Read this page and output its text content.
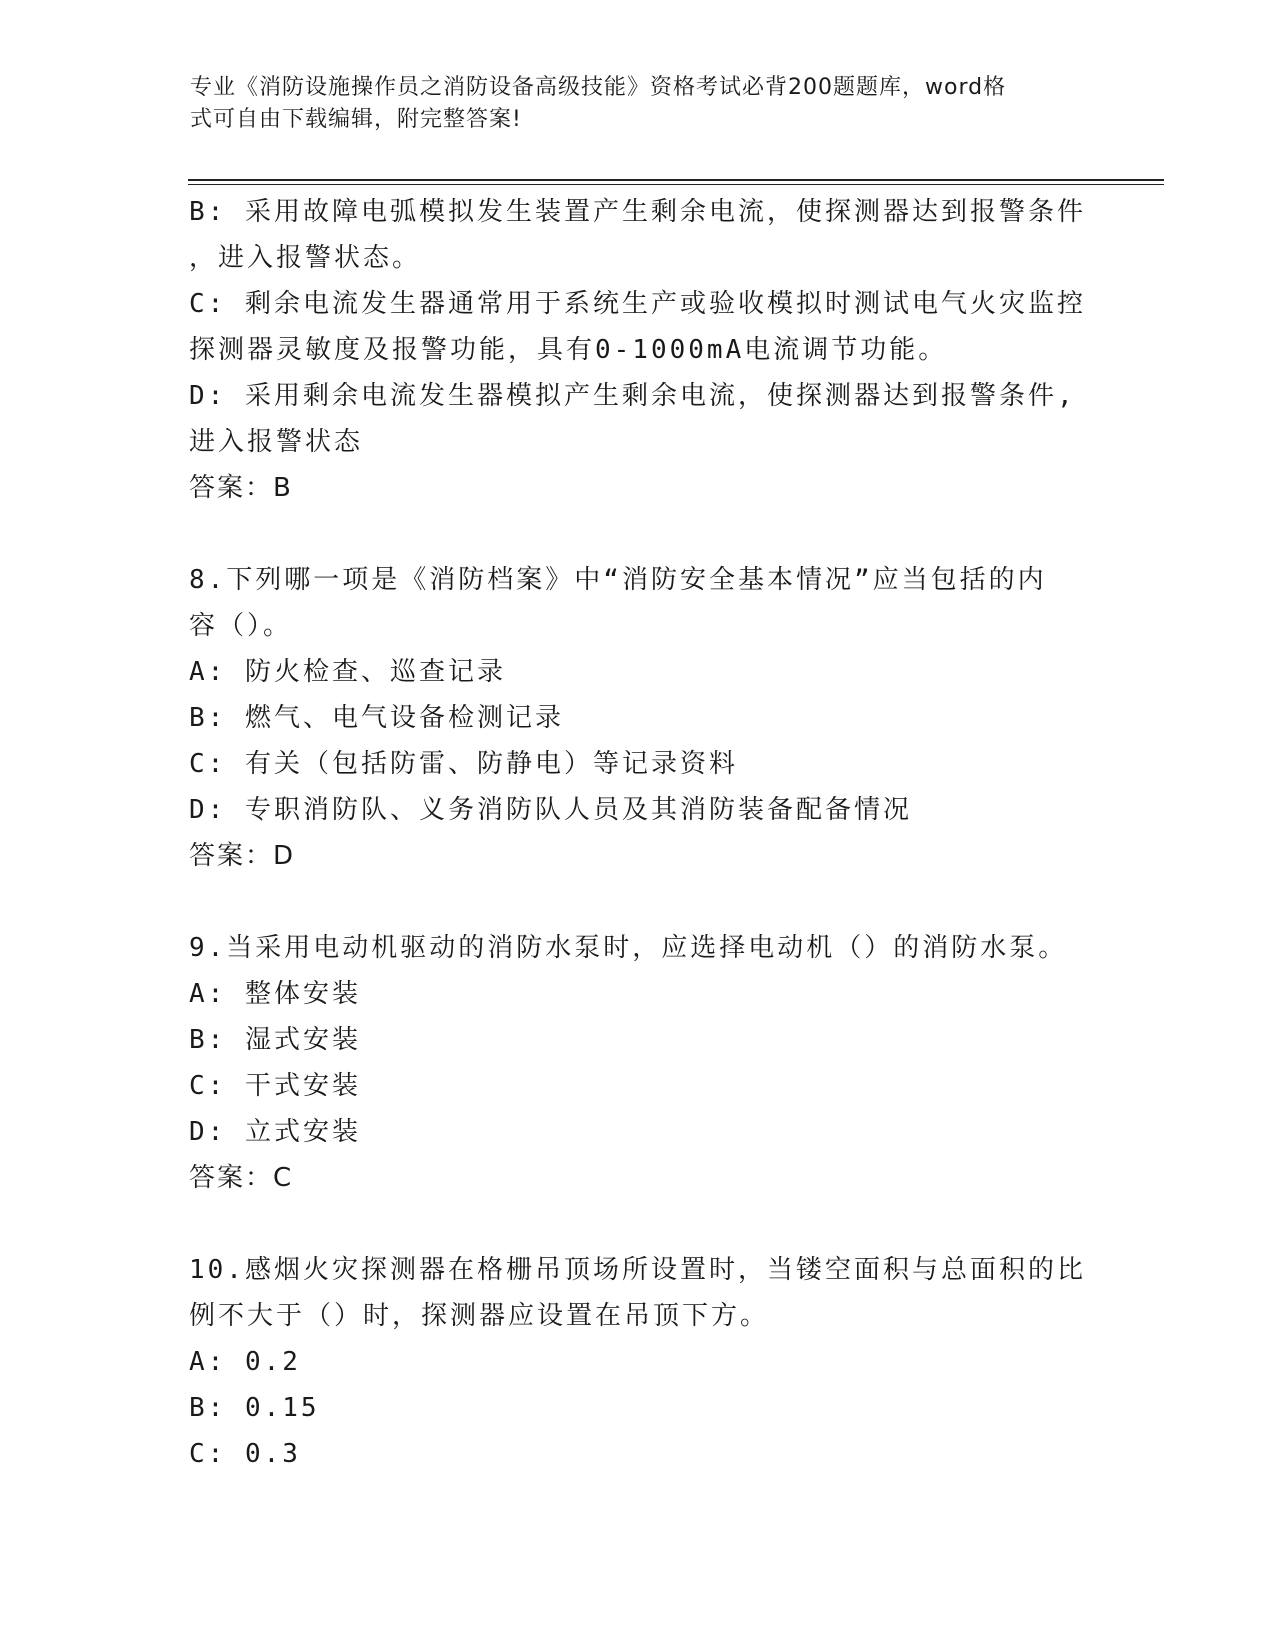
专业《消防设施操作员之消防设备高级技能》资格考试必背200题题库，word格
式可自由下载编辑，附完整答案!
B: 采用故障电弧模拟发生装置产生剩余电流，使探测器达到报警条件
，进入报警状态。
C: 剩余电流发生器通常用于系统生产或验收模拟时测试电气火灾监控
探测器灵敏度及报警功能，具有0-1000mA电流调节功能。
D: 采用剩余电流发生器模拟产生剩余电流，使探测器达到报警条件,
进入报警状态
答案：B
8.下列哪一项是《消防档案》中“消防安全基本情况”应当包括的内
容（）。
A: 防火检查、巡查记录
B: 燃气、电气设备检测记录
C: 有关（包括防雷、防静电）等记录资料
D: 专职消防队、义务消防队人员及其消防装备配备情况
答案：D
9.当采用电动机驱动的消防水泵时，应选择电动机（）的消防水泵。
A: 整体安装
B: 湿式安装
C: 干式安装
D: 立式安装
答案：C
10.感烟火灾探测器在格栅吊顶场所设置时，当镂空面积与总面积的比
例不大于（）时，探测器应设置在吊顶下方。
A: 0.2
B: 0.15
C: 0.3
